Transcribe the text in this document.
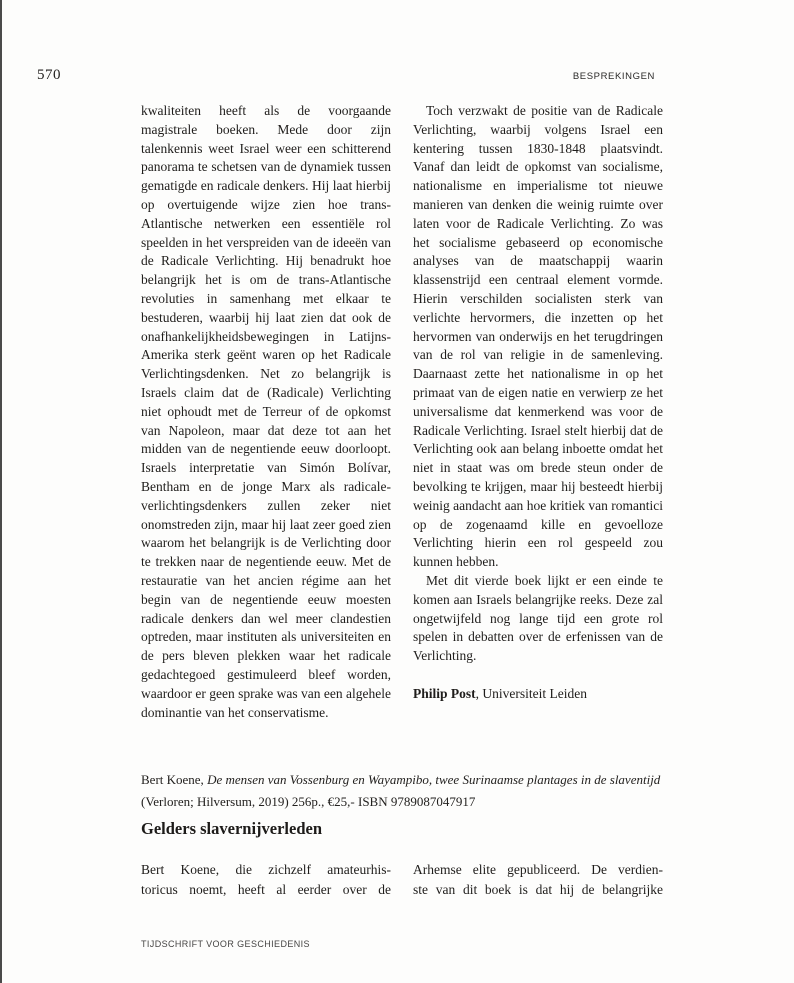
570	BESPREKINGEN

kwaliteiten heeft als de voorgaande magistrale boeken. Mede door zijn talenkennis weet Israel weer een schitterend panorama te schetsen van de dynamiek tussen gematigde en radicale denkers. Hij laat hierbij op overtuigende wijze zien hoe trans-Atlantische netwerken een essentiële rol speelden in het verspreiden van de ideeën van de Radicale Verlichting. Hij benadrukt hoe belangrijk het is om de trans-Atlantische revoluties in samenhang met elkaar te bestuderen, waarbij hij laat zien dat ook de onafhankelijkheidsbewegingen in Latijns-Amerika sterk geënt waren op het Radicale Verlichtingsdenken. Net zo belangrijk is Israels claim dat de (Radicale) Verlichting niet ophoudt met de Terreur of de opkomst van Napoleon, maar dat deze tot aan het midden van de negentiende eeuw doorloopt. Israels interpretatie van Simón Bolívar, Bentham en de jonge Marx als radicale-verlichtingsdenkers zullen zeker niet onomstreden zijn, maar hij laat zeer goed zien waarom het belangrijk is de Verlichting door te trekken naar de negentiende eeuw. Met de restauratie van het ancien régime aan het begin van de negentiende eeuw moesten radicale denkers dan wel meer clandestien optreden, maar instituten als universiteiten en de pers bleven plekken waar het radicale gedachtegoed gestimuleerd bleef worden, waardoor er geen sprake was van een algehele dominantie van het conservatisme.

Toch verzwakt de positie van de Radicale Verlichting, waarbij volgens Israel een kentering tussen 1830-1848 plaatsvindt. Vanaf dan leidt de opkomst van socialisme, nationalisme en imperialisme tot nieuwe manieren van denken die weinig ruimte over laten voor de Radicale Verlichting. Zo was het socialisme gebaseerd op economische analyses van de maatschappij waarin klassenstrijd een centraal element vormde. Hierin verschilden socialisten sterk van verlichte hervormers, die inzetten op het hervormen van onderwijs en het terugdringen van de rol van religie in de samenleving. Daarnaast zette het nationalisme in op het primaat van de eigen natie en verwierp ze het universalisme dat kenmerkend was voor de Radicale Verlichting. Israel stelt hierbij dat de Verlichting ook aan belang inboette omdat het niet in staat was om brede steun onder de bevolking te krijgen, maar hij besteedt hierbij weinig aandacht aan hoe kritiek van romantici op de zogenaamd kille en gevoelloze Verlichting hierin een rol gespeeld zou kunnen hebben.

Met dit vierde boek lijkt er een einde te komen aan Israels belangrijke reeks. Deze zal ongetwijfeld nog lange tijd een grote rol spelen in debatten over de erfenissen van de Verlichting.

Philip Post, Universiteit Leiden
Bert Koene, De mensen van Vossenburg en Wayampibo, twee Surinaamse plantages in de slaventijd
(Verloren; Hilversum, 2019) 256p., €25,- ISBN 9789087047917
Gelders slavernijverleden
Bert Koene, die zichzelf amateurhis-
toricus noemt, heeft al eerder over de
Arhemse elite gepubliceerd. De verdien-
ste van dit boek is dat hij de belangrijke
TIJDSCHRIFT VOOR GESCHIEDENIS
